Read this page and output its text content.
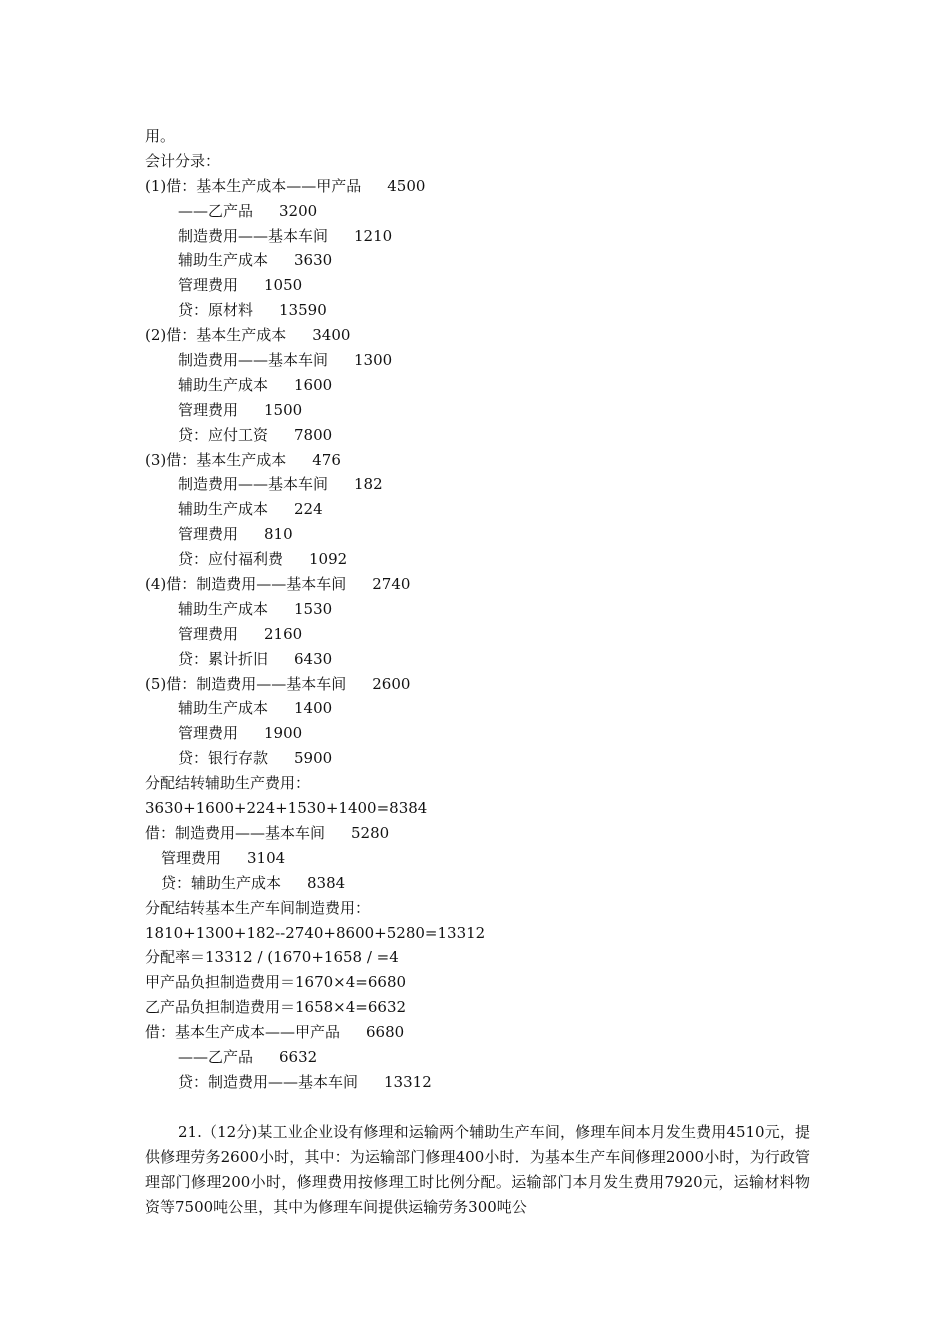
用。
会计分录：
(1)借：基本生产成本——甲产品 4500
——乙产品 3200
制造费用——基本车间 1210
辅助生产成本 3630
管理费用 1050
贷：原材料 13590
(2)借：基本生产成本 3400
制造费用——基本车间 1300
辅助生产成本 1600
管理费用 1500
贷：应付工资 7800
(3)借：基本生产成本 476
制造费用——基本车间 182
辅助生产成本 224
管理费用 810
贷：应付福利费 1092
(4)借：制造费用——基本车间 2740
辅助生产成本 1530
管理费用 2160
贷：累计折旧 6430
(5)借：制造费用——基本车间 2600
辅助生产成本 1400
管理费用 1900
贷：银行存款 5900
分配结转辅助生产费用：
3630+1600+224+1530+1400=8384
借：制造费用——基本车间 5280
管理费用 3104
贷：辅助生产成本 8384
分配结转基本生产车间制造费用：
1810+1300+182--2740+8600+5280=13312
分配率＝13312 / (1670+1658 / =4
甲产品负担制造费用＝1670×4=6680
乙产品负担制造费用＝1658×4=6632
借：基本生产成本——甲产品 6680
——乙产品 6632
贷：制造费用——基本车间 13312
21.（12分)某工业企业设有修理和运输两个辅助生产车间，修理车间本月发生费用4510元，提供修理劳务2600小时，其中：为运输部门修理400小时．为基本生产车间修理2000小时，为行政管理部门修理200小时，修理费用按修理工时比例分配。运输部门本月发生费用7920元，运输材料物资等7500吨公里，其中为修理车间提供运输劳务300吨公
